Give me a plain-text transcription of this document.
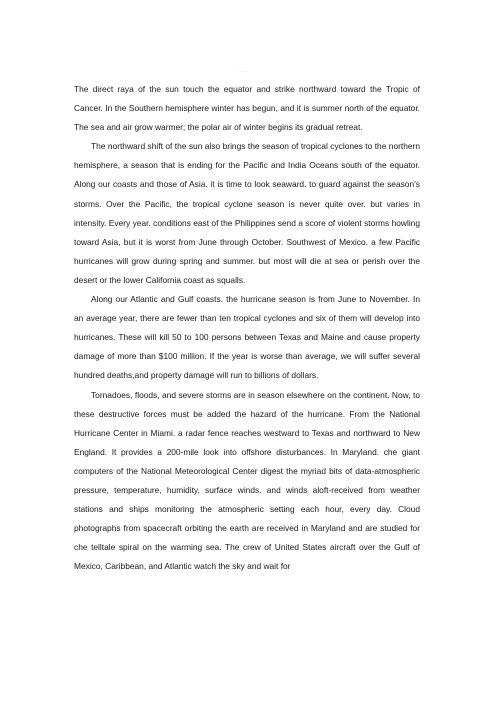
……

The direct raya of the sun touch the equator and strike northward toward the Tropic of Cancer. In the Southern hemisphere winter has begun, and it is summer north of the equator. The sea and air grow warmer; the polar air of winter begins its gradual retreat.

The northward shift of the sun also brings the season of tropical cyclones to the northern hemisphere, a season that is ending for the Pacific and India Oceans south of the equator. Along our coasts and those of Asia. it is time to look seaward. to guard against the season’s storms. Over the Pacific, the tropical cyclone season is never quite over. but varies in intensity. Every year. conditions east of the Philippines send a score of violent storms howling toward Asia, but it is worst from June through October. Southwest of Mexico. a few Pacific hurricanes will grow during spring and summer. but most will die at sea or perish over the desert or the lower California coast as squalls.

Along our Atlantic and Gulf coasts. the hurricane season is from June to November. In an average year, there are fewer than ten tropical cyclones and six of them will develop into hurricanes. These will kill 50 to 100 persons between Texas and Maine and cause property damage of more than $100 million. If the year is worse than average, we will suffer several hundred deaths,and property damage will run to billions of dollars.

Tornadoes, floods, and severe storms are in season elsewhere on the continent. Now, to these destructive forces must be added the hazard of the hurricane. From the National Hurricane Center in Miami. a radar fence reaches westward to Texas and northward to New England. It provides a 200-mile look into offshore disturbances. In Maryland. che giant computers of the National Meteorological Center digest the myriad bits of data-atmospheric pressure, temperature, humidity, surface winds. and winds aloft-received from weather stations and ships monitoring the atmospheric setting each hour, every day. Cloud photographs from spacecraft orbiting the earth are received in Maryland and are studied for che telltale spiral on the warming sea. The crew of United States aircraft over the Gulf of Mexico, Caribbean, and Atlantic watch the sky and wait for
